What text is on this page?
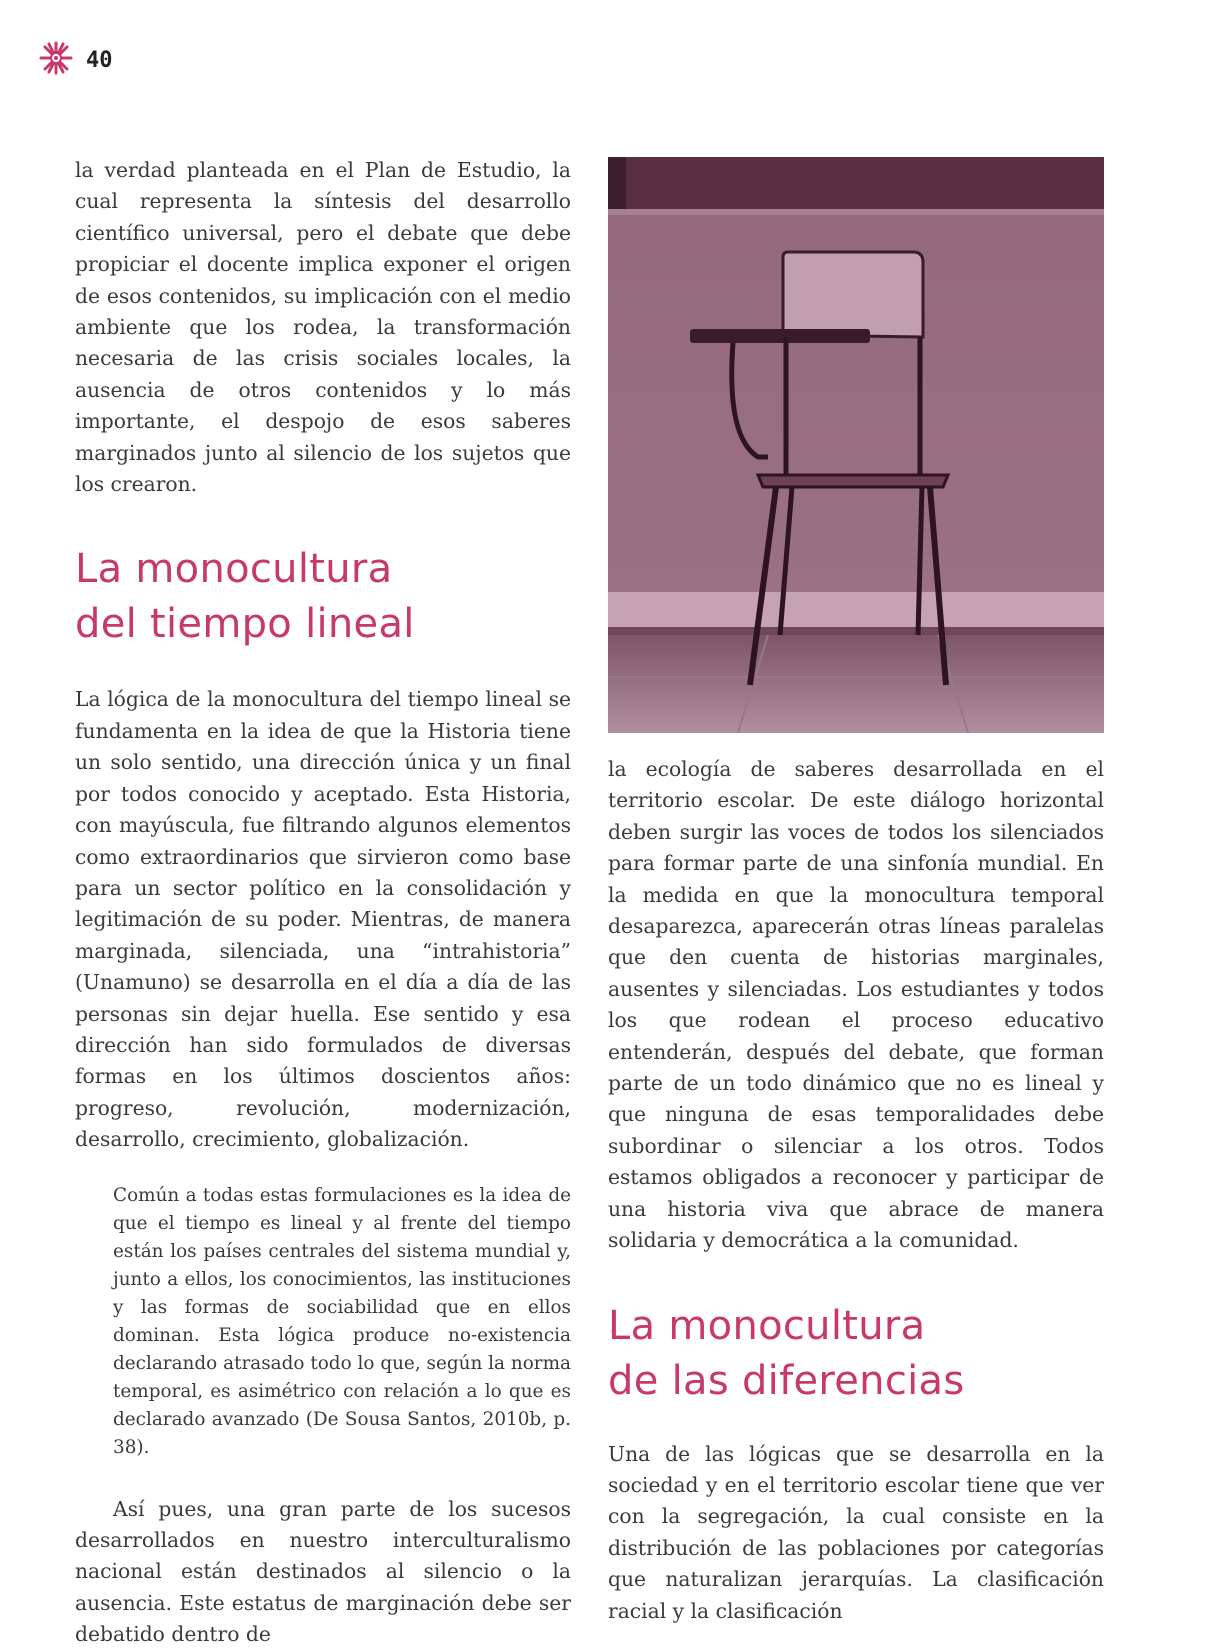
40

la verdad planteada en el Plan de Estudio, la cual representa la síntesis del desarrollo científico universal, pero el debate que debe propiciar el docente implica exponer el origen de esos contenidos, su implicación con el medio ambiente que los rodea, la transformación necesaria de las crisis sociales locales, la ausencia de otros contenidos y lo más importante, el despojo de esos saberes marginados junto al silencio de los sujetos que los crearon.

La monocultura
del tiempo lineal

La lógica de la monocultura del tiempo lineal se fundamenta en la idea de que la Historia tiene un solo sentido, una dirección única y un final por todos conocido y aceptado. Esta Historia, con mayúscula, fue filtrando algunos elementos como extraordinarios que sirvieron como base para un sector político en la consolidación y legitimación de su poder. Mientras, de manera marginada, silenciada, una “intrahistoria” (Unamuno) se desarrolla en el día a día de las personas sin dejar huella. Ese sentido y esa dirección han sido formulados de diversas formas en los últimos doscientos años: progreso, revolución, modernización, desarrollo, crecimiento, globalización.

Común a todas estas formulaciones es la idea de que el tiempo es lineal y al frente del tiempo están los países centrales del sistema mundial y, junto a ellos, los conocimientos, las instituciones y las formas de sociabilidad que en ellos dominan. Esta lógica produce no-existencia declarando atrasado todo lo que, según la norma temporal, es asimétrico con relación a lo que es declarado avanzado (De Sousa Santos, 2010b, p. 38).

Así pues, una gran parte de los sucesos desarrollados en nuestro interculturalismo nacional están destinados al silencio o la ausencia. Este estatus de marginación debe ser debatido dentro de

la ecología de saberes desarrollada en el territorio escolar. De este diálogo horizontal deben surgir las voces de todos los silenciados para formar parte de una sinfonía mundial. En la medida en que la monocultura temporal desaparezca, aparecerán otras líneas paralelas que den cuenta de historias marginales, ausentes y silenciadas. Los estudiantes y todos los que rodean el proceso educativo entenderán, después del debate, que forman parte de un todo dinámico que no es lineal y que ninguna de esas temporalidades debe subordinar o silenciar a los otros. Todos estamos obligados a reconocer y participar de una historia viva que abrace de manera solidaria y democrática a la comunidad.

La monocultura
de las diferencias

Una de las lógicas que se desarrolla en la sociedad y en el territorio escolar tiene que ver con la segregación, la cual consiste en la distribución de las poblaciones por categorías que naturalizan jerarquías. La clasificación racial y la clasificación
